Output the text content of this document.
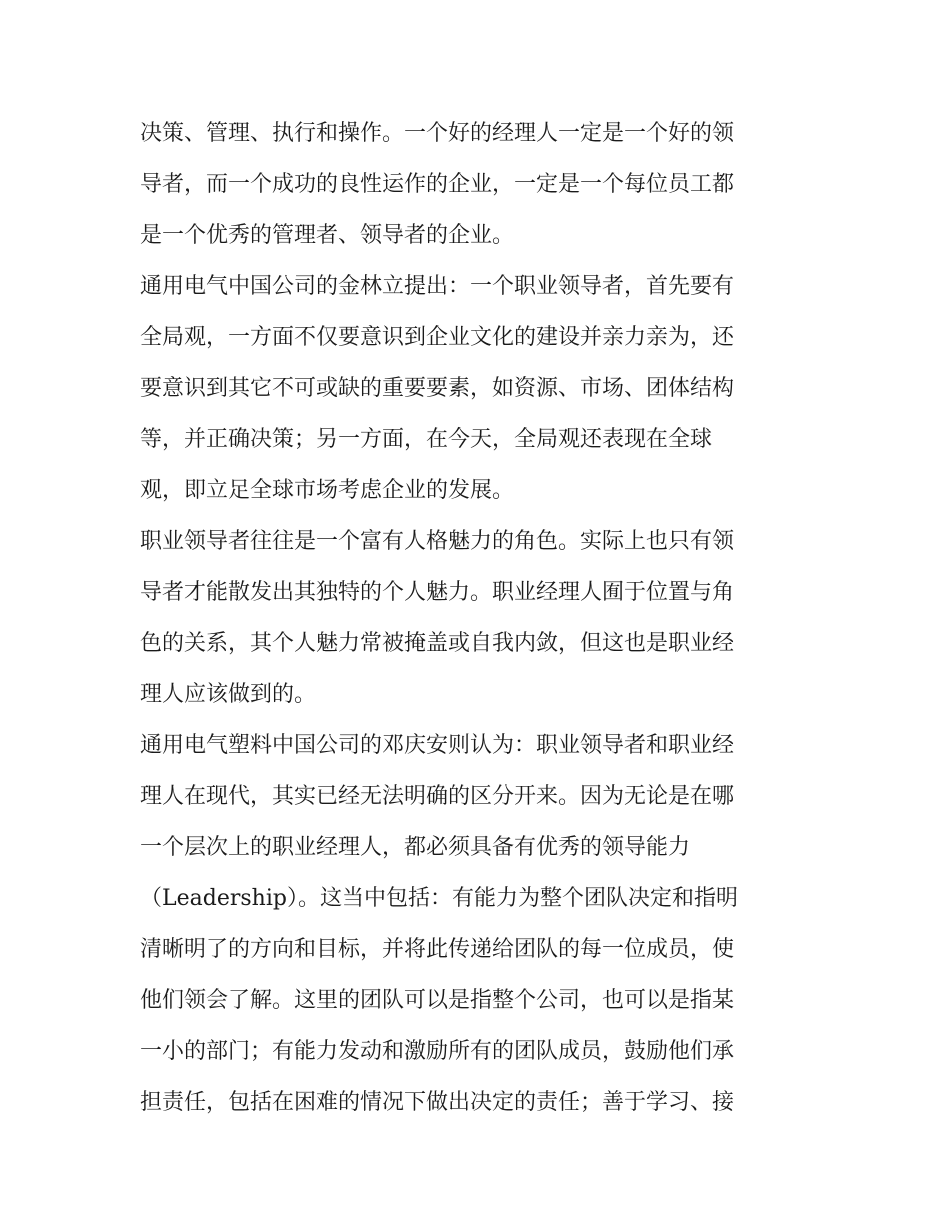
决策、管理、执行和操作。一个好的经理人一定是一个好的领
导者，而一个成功的良性运作的企业，一定是一个每位员工都
是一个优秀的管理者、领导者的企业。
通用电气中国公司的金林立提出：一个职业领导者，首先要有
全局观，一方面不仅要意识到企业文化的建设并亲力亲为，还
要意识到其它不可或缺的重要要素，如资源、市场、团体结构
等，并正确决策；另一方面，在今天，全局观还表现在全球
观，即立足全球市场考虑企业的发展。
职业领导者往往是一个富有人格魅力的角色。实际上也只有领
导者才能散发出其独特的个人魅力。职业经理人囿于位置与角
色的关系，其个人魅力常被掩盖或自我内敛，但这也是职业经
理人应该做到的。
通用电气塑料中国公司的邓庆安则认为：职业领导者和职业经
理人在现代，其实已经无法明确的区分开来。因为无论是在哪
一个层次上的职业经理人，都必须具备有优秀的领导能力
（Leadership）。这当中包括：有能力为整个团队决定和指明
清晰明了的方向和目标，并将此传递给团队的每一位成员，使
他们领会了解。这里的团队可以是指整个公司，也可以是指某
一小的部门；有能力发动和激励所有的团队成员，鼓励他们承
担责任，包括在困难的情况下做出决定的责任；善于学习、接
